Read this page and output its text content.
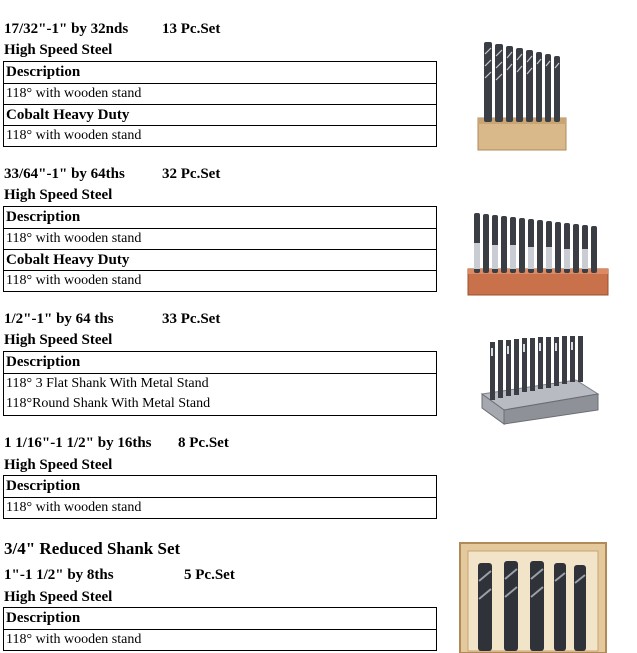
17/32"-1" by 32nds 13 Pc.Set
High Speed Steel
Description
118° with wooden stand
Cobalt Heavy Duty
118° with wooden stand
33/64"-1" by 64ths 32 Pc.Set
High Speed Steel
Description
118° with wooden stand
Cobalt Heavy Duty
118° with wooden stand
1/2"-1" by 64 ths	33 Pc.Set
High Speed Steel
Description
118° 3 Flat Shank With Metal Stand
118°Round Shank With Metal Stand
1 1/16"-1 1/2" by 16ths 8 Pc.Set
High Speed Steel
Description
118° with wooden stand
3/4" Reduced Shank Set
1"-1 1/2" by 8ths	5 Pc.Set
High Speed Steel
Description
118° with wooden stand
